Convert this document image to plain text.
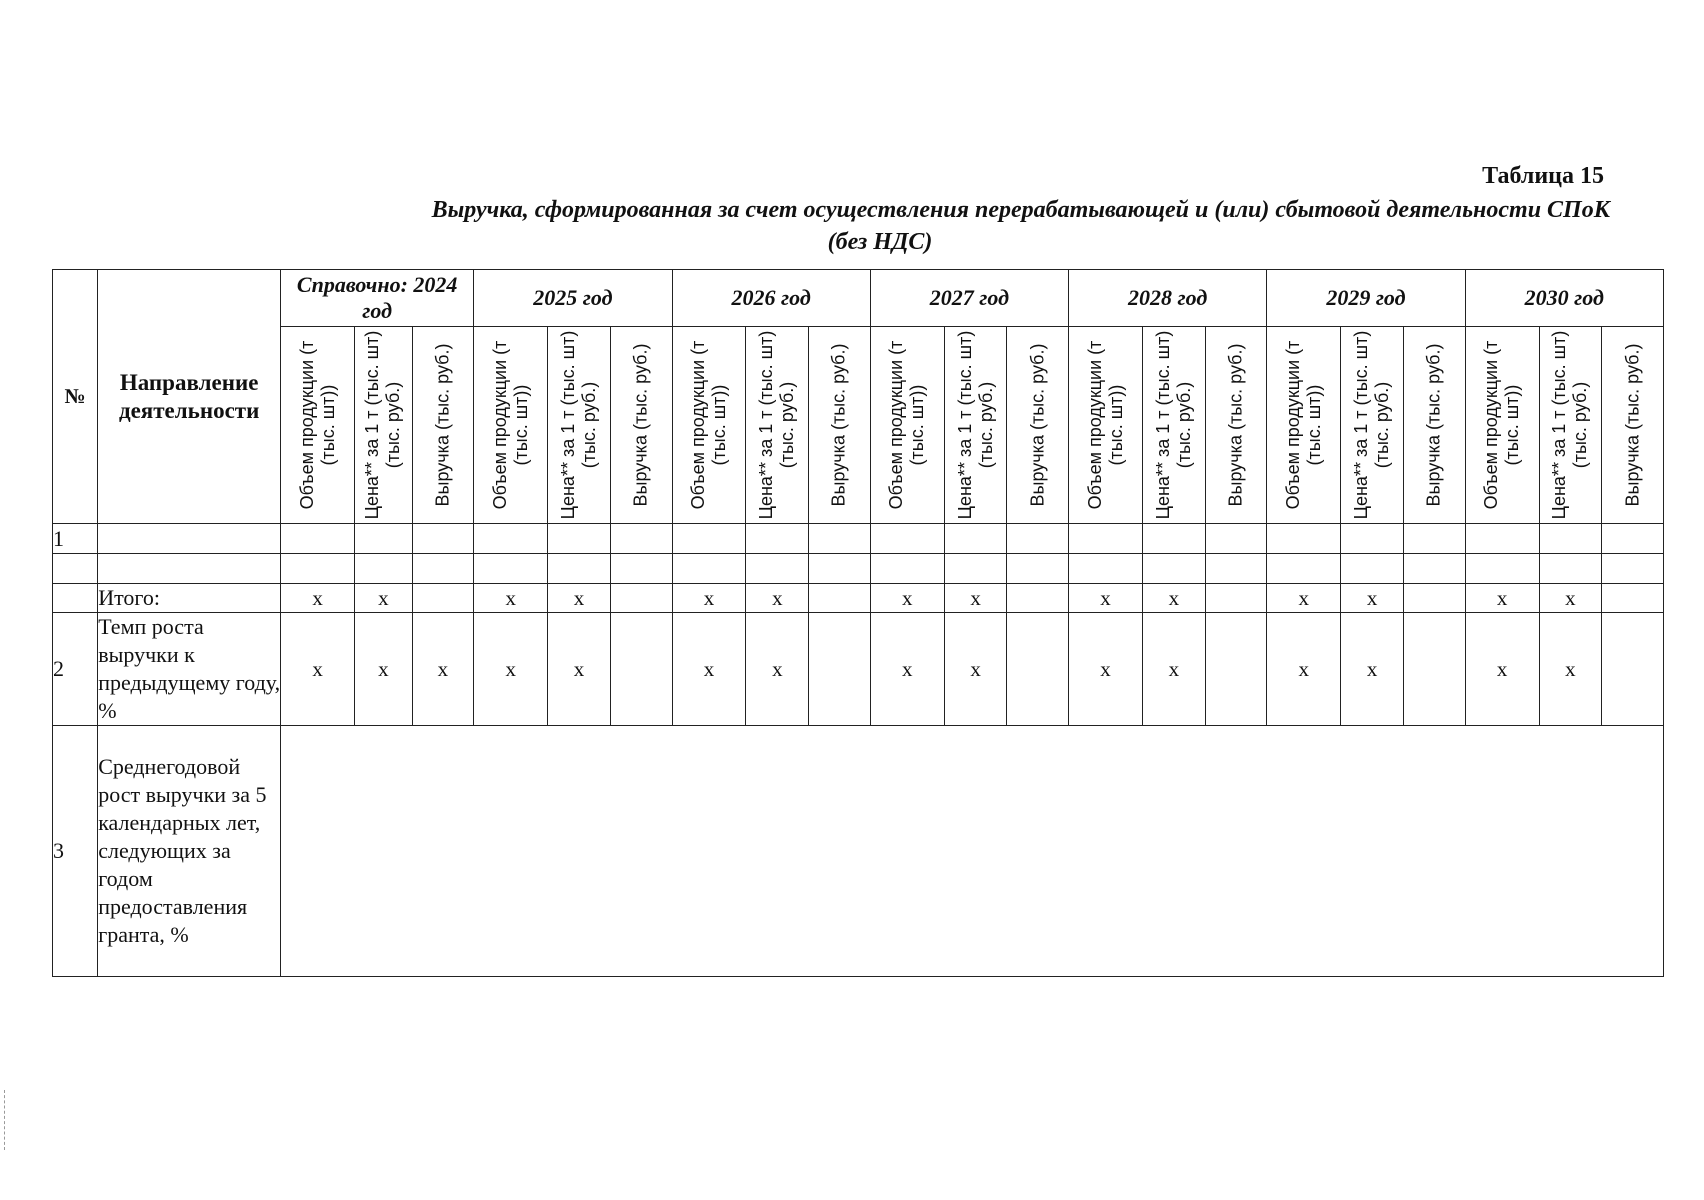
Таблица 15
Выручка, сформированная за счет осуществления перерабатывающей и (или) сбытовой деятельности СПоК
(без НДС)
№	Направление деятельности	Справочно: 2024 год			2025 год			2026 год			2027 год			2028 год			2029 год			2030 год		

		Объем продукции (т (тыс. шт))	Цена** за 1 т (тыс. шт) (тыс. руб.)	Выручка (тыс. руб.)	Объем продукции (т (тыс. шт))	Цена** за 1 т (тыс. шт) (тыс. руб.)	Выручка (тыс. руб.)	Объем продукции (т (тыс. шт))	Цена** за 1 т (тыс. шт) (тыс. руб.)	Выручка (тыс. руб.)	Объем продукции (т (тыс. шт))	Цена** за 1 т (тыс. шт) (тыс. руб.)	Выручка (тыс. руб.)	Объем продукции (т (тыс. шт))	Цена** за 1 т (тыс. шт) (тыс. руб.)	Выручка (тыс. руб.)	Объем продукции (т (тыс. шт))	Цена** за 1 т (тыс. шт) (тыс. руб.)	Выручка (тыс. руб.)	Объем продукции (т (тыс. шт))	Цена** за 1 т (тыс. шт) (тыс. руб.)	Выручка (тыс. руб.)

1																						

	Итого:	х	х		х	х		х	х		х	х		х	х		х	х		х	х	
2	Темп роста выручки к предыдущему году, %	х	х	х	х	х		х	х		х	х		х	х		х	х		х	х	
3	Среднегодовой рост выручки за 5 календарных лет, следующих за годом предоставления гранта, %																					
